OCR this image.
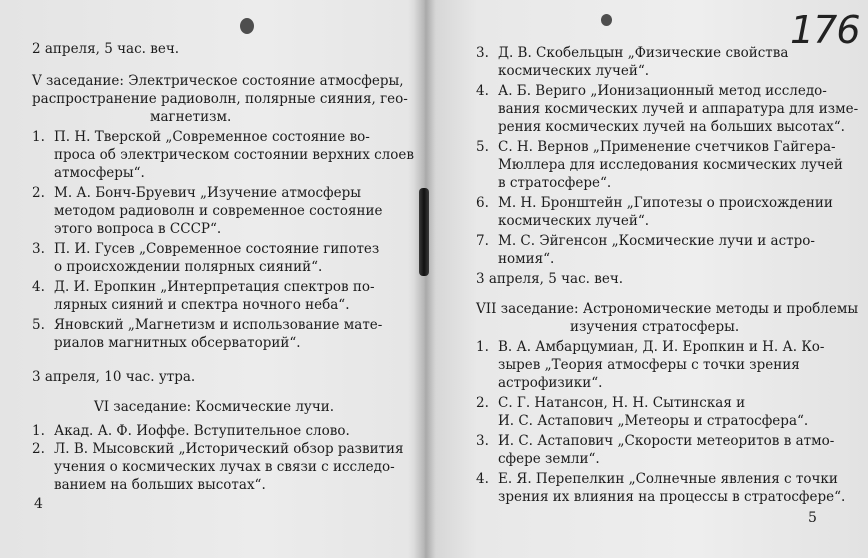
176
2 апреля, 5 час. веч.
V заседание: Электрическое состояние атмосферы,
распространение радиоволн, полярные сияния, гео-
магнетизм.
1. П. Н. Тверской „Современное состояние во-
проса об электрическом состоянии верхних слоев
атмосферы“.
2. М. А. Бонч-Бруевич „Изучение атмосферы
методом радиоволн и современное состояние
этого вопроса в СССР“.
3. П. И. Гусев „Современное состояние гипотез
о происхождении полярных сияний“.
4. Д. И. Еропкин „Интерпретация спектров по-
лярных сияний и спектра ночного неба“.
5. Яновский „Магнетизм и использование мате-
риалов магнитных обсерваторий“.
3 апреля, 10 час. утра.
VI заседание: Космические лучи.
1. Акад. А. Ф. Иоффе. Вступительное слово.
2. Л. В. Мысовский „Исторический обзор развития
учения о космических лучах в связи с исследо-
ванием на больших высотах“.
4
3. Д. В. Скобельцын „Физические свойства
космических лучей“.
4. А. Б. Вериго „Ионизационный метод исследо-
вания космических лучей и аппаратура для изме-
рения космических лучей на больших высотах“.
5. С. Н. Вернов „Применение счетчиков Гайгера-
Мюллера для исследования космических лучей
в стратосфере“.
6. М. Н. Бронштейн „Гипотезы о происхождении
космических лучей“.
7. М. С. Эйгенсон „Космические лучи и астро-
номия“.
3 апреля, 5 час. веч.
VII заседание: Астрономические методы и проблемы
изучения стратосферы.
1. В. А. Амбарцумиан, Д. И. Еропкин и Н. А. Ко-
зырев „Теория атмосферы с точки зрения
астрофизики“.
2. С. Г. Натансон, Н. Н. Сытинская и
И. С. Астапович „Метеоры и стратосфера“.
3. И. С. Астапович „Скорости метеоритов в атмо-
сфере земли“.
4. Е. Я. Перепелкин „Солнечные явления с точки
зрения их влияния на процессы в стратосфере“.
5
